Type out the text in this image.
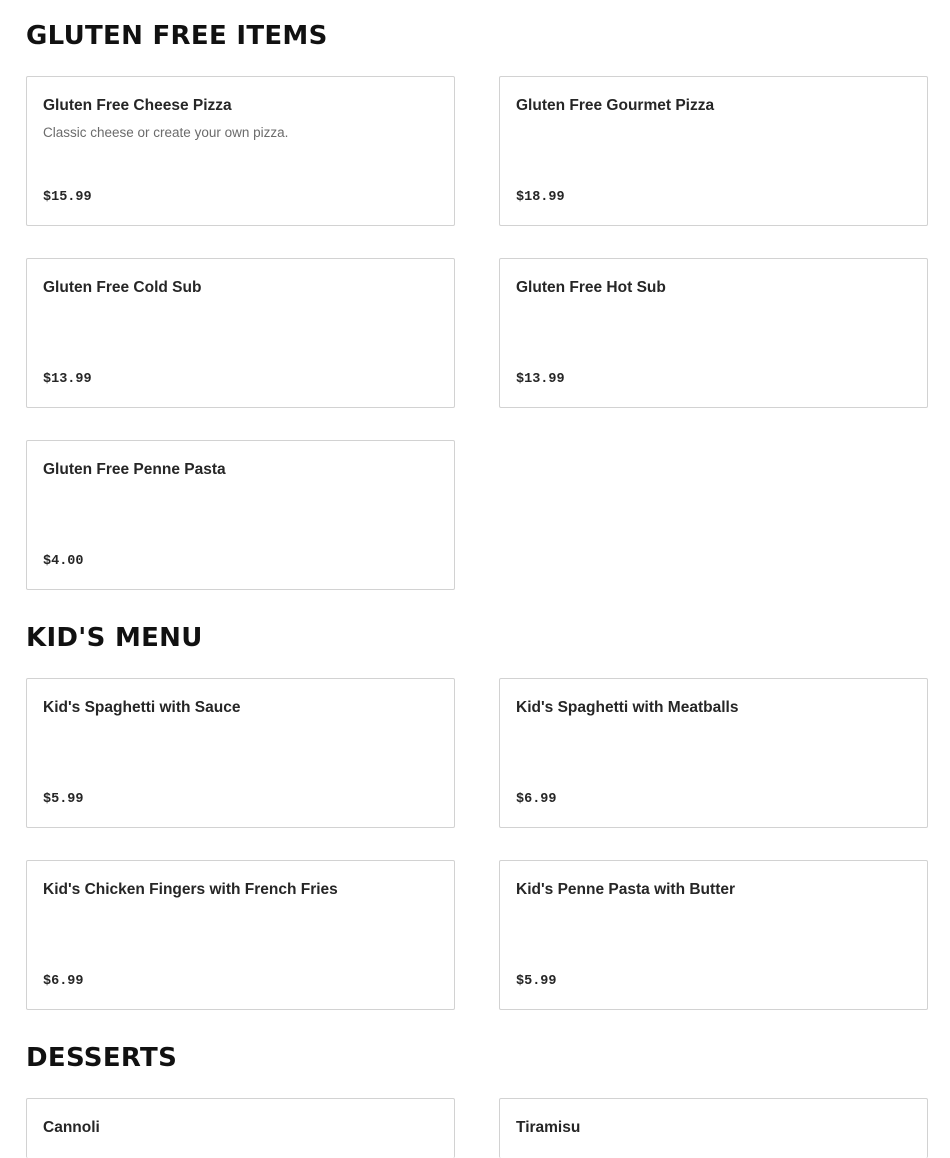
GLUTEN FREE ITEMS
Gluten Free Cheese Pizza
Classic cheese or create your own pizza.
$15.99
Gluten Free Gourmet Pizza
$18.99
Gluten Free Cold Sub
$13.99
Gluten Free Hot Sub
$13.99
Gluten Free Penne Pasta
$4.00
KID'S MENU
Kid's Spaghetti with Sauce
$5.99
Kid's Spaghetti with Meatballs
$6.99
Kid's Chicken Fingers with French Fries
$6.99
Kid's Penne Pasta with Butter
$5.99
DESSERTS
Cannoli	Tiramisu
